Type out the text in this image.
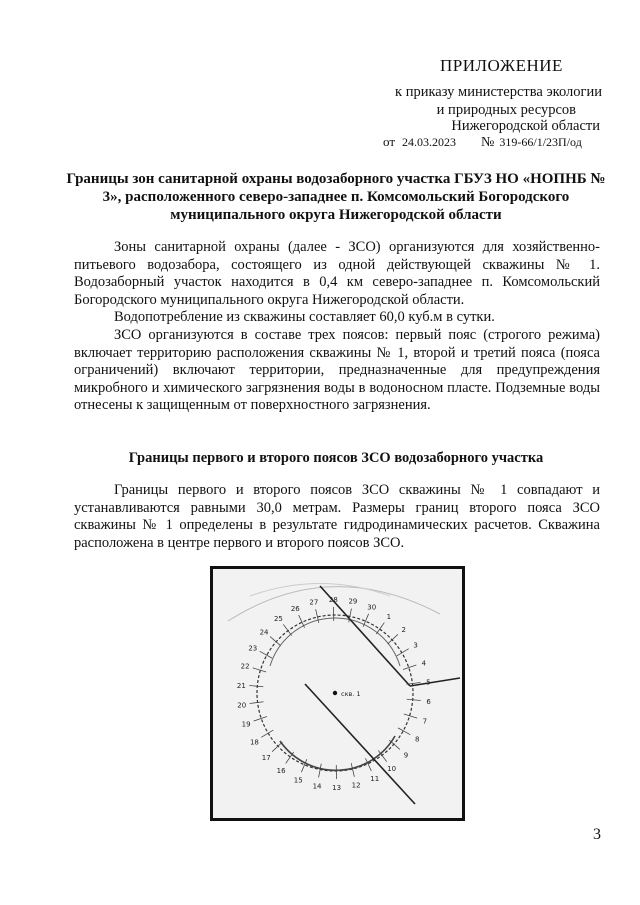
ПРИЛОЖЕНИЕ
к приказу министерства экологии
и природных ресурсов
Нижегородской области
от 24.03.2023 № 319-66/1/23П/од
Границы зон санитарной охраны водозаборного участка ГБУЗ НО «НОПНБ № 3», расположенного северо-западнее п. Комсомольский Богородского муниципального округа Нижегородской области

Зоны санитарной охраны (далее - ЗСО) организуются для хозяйственно-питьевого водозабора, состоящего из одной действующей скважины № 1. Водозаборный участок находится в 0,4 км северо-западнее п. Комсомольский Богородского муниципального округа Нижегородской области.

Водопотребление из скважины составляет 60,0 куб.м в сутки.

ЗСО организуются в составе трех поясов: первый пояс (строгого режима) включает территорию расположения скважины № 1, второй и третий пояса (пояса ограничений) включают территории, предназначенные для предупреждения микробного и химического загрязнения воды в водоносном пласте. Подземные воды отнесены к защищенным от поверхностного загрязнения.

Границы первого и второго поясов ЗСО водозаборного участка

Границы первого и второго поясов ЗСО скважины № 1 совпадают и устанавливаются равными 30,0 метрам. Размеры границ второго пояса ЗСО скважины № 1 определены в результате гидродинамических расчетов. Скважина расположена в центре первого и второго поясов ЗСО.

1
2
3
4
5
6
7
8
9
10
11
12
13
14
15
16
17
18
19
20
21
22
23
24
25
26
27 28 29
30
скв. 1
3
